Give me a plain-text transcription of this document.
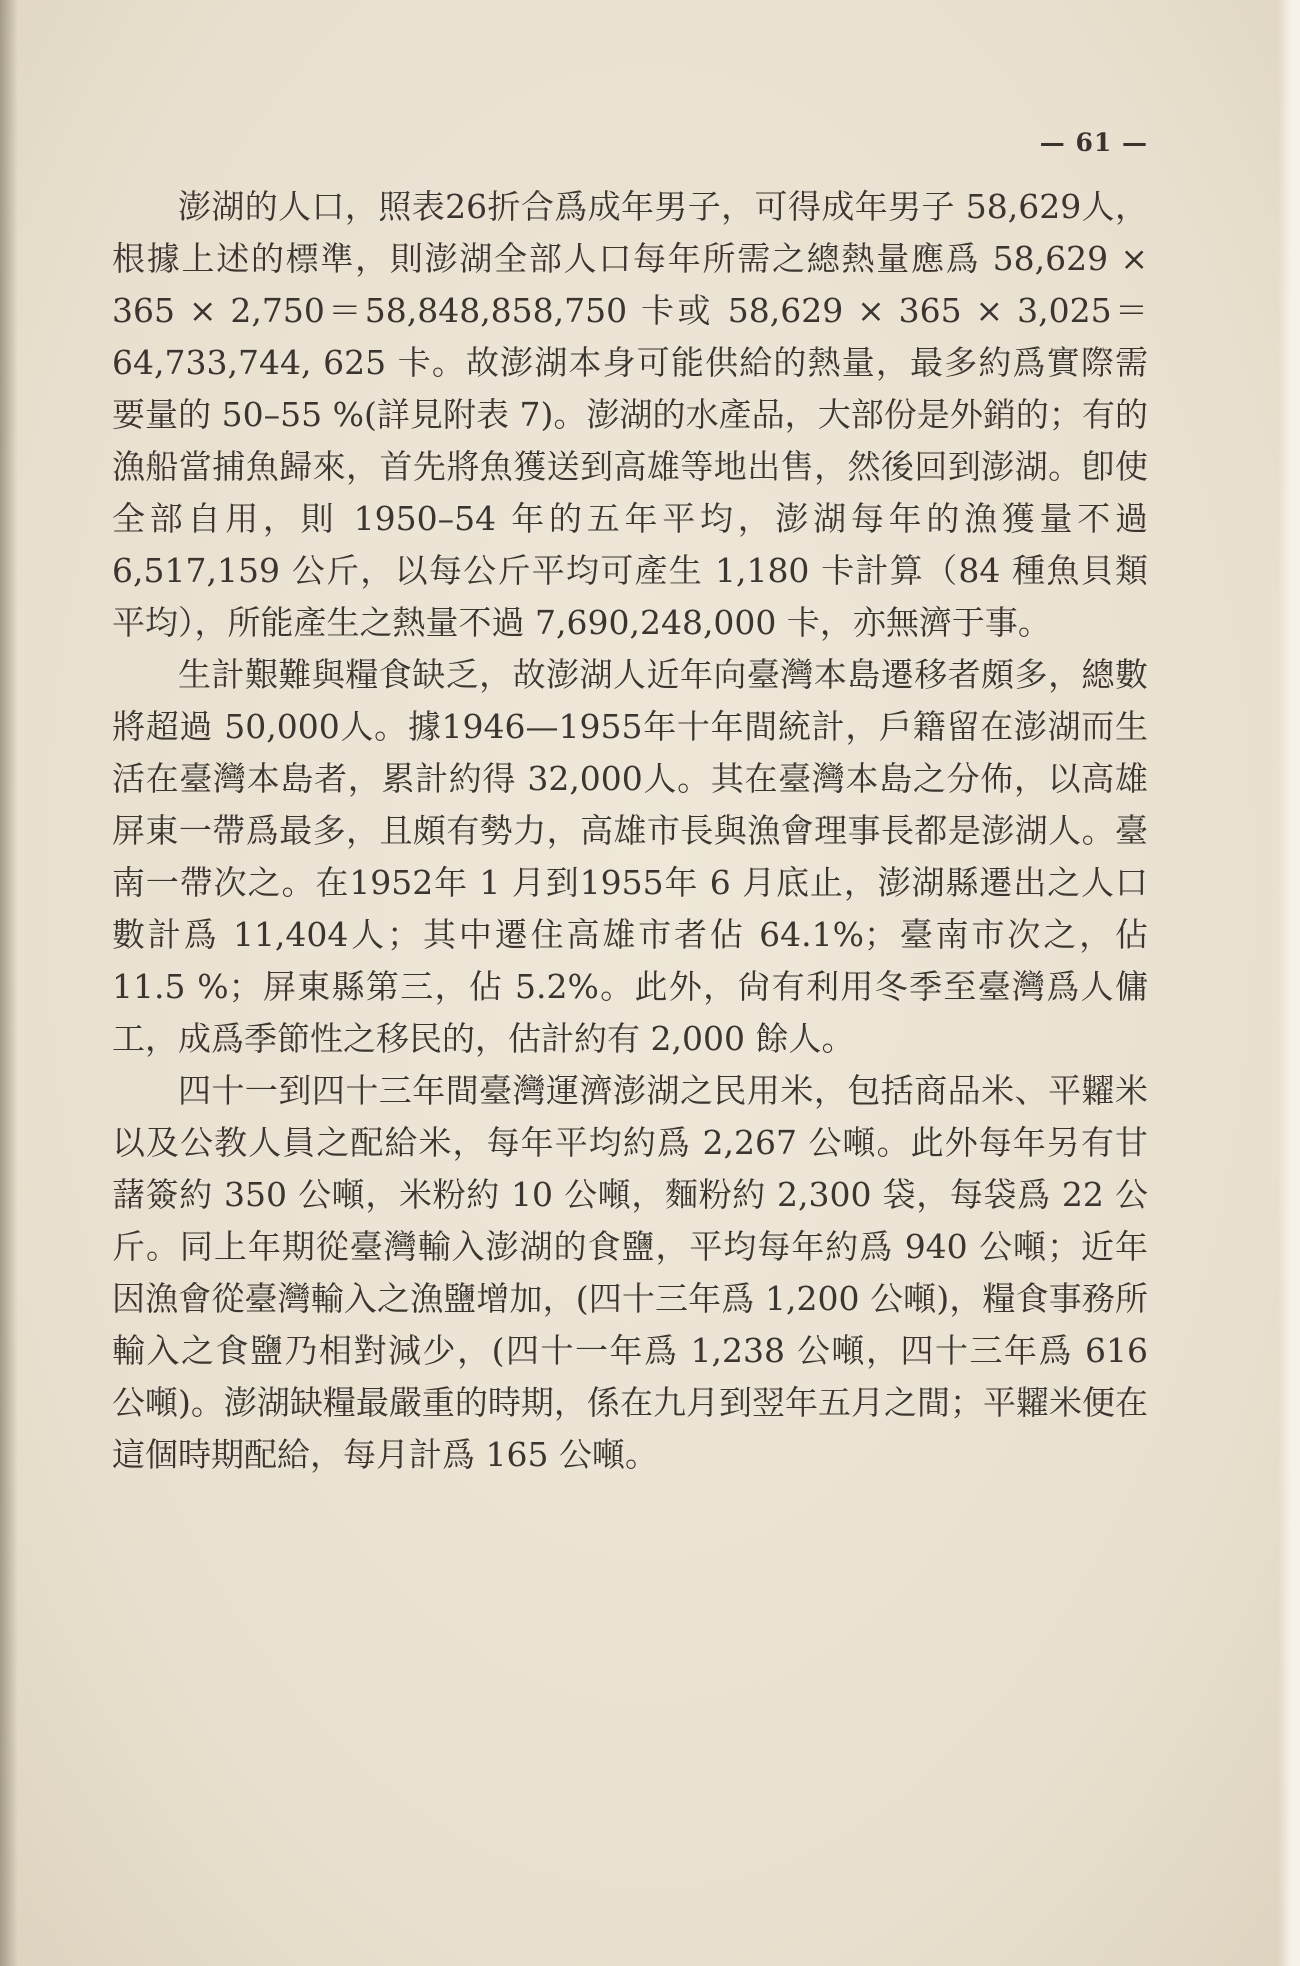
— 61 —

澎湖的人口，照表26折合爲成年男子，可得成年男子 58,629人，根據上述的標準，則澎湖全部人口每年所需之總熱量應爲 58,629 × 365 × 2,750＝58,848,858,750 卡或 58,629 × 365 × 3,025＝64,733,744, 625 卡。故澎湖本身可能供給的熱量，最多約爲實際需要量的 50–55 %(詳見附表 7)。澎湖的水產品，大部份是外銷的；有的漁船當捕魚歸來，首先將魚獲送到高雄等地出售，然後回到澎湖。卽使全部自用，則 1950–54 年的五年平均，澎湖每年的漁獲量不過 6,517,159 公斤，以每公斤平均可產生 1,180 卡計算（84 種魚貝類平均），所能產生之熱量不過 7,690,248,000 卡，亦無濟于事。

生計艱難與糧食缺乏，故澎湖人近年向臺灣本島遷移者頗多，總數將超過 50,000人。據1946—1955年十年間統計，戶籍留在澎湖而生活在臺灣本島者，累計約得 32,000人。其在臺灣本島之分佈，以高雄屏東一帶爲最多，且頗有勢力，高雄市長與漁會理事長都是澎湖人。臺南一帶次之。在1952年 1 月到1955年 6 月底止，澎湖縣遷出之人口數計爲 11,404人；其中遷住高雄市者佔 64.1%；臺南市次之，佔 11.5 %；屏東縣第三，佔 5.2%。此外，尙有利用冬季至臺灣爲人傭工，成爲季節性之移民的，估計約有 2,000 餘人。

四十一到四十三年間臺灣運濟澎湖之民用米，包括商品米、平糶米以及公教人員之配給米，每年平均約爲 2,267 公噸。此外每年另有甘藷簽約 350 公噸，米粉約 10 公噸，麵粉約 2,300 袋，每袋爲 22 公斤。同上年期從臺灣輸入澎湖的食鹽，平均每年約爲 940 公噸；近年因漁會從臺灣輸入之漁鹽增加，(四十三年爲 1,200 公噸)，糧食事務所輸入之食鹽乃相對減少，(四十一年爲 1,238 公噸，四十三年爲 616 公噸)。澎湖缺糧最嚴重的時期，係在九月到翌年五月之間；平糶米便在這個時期配給，每月計爲 165 公噸。
